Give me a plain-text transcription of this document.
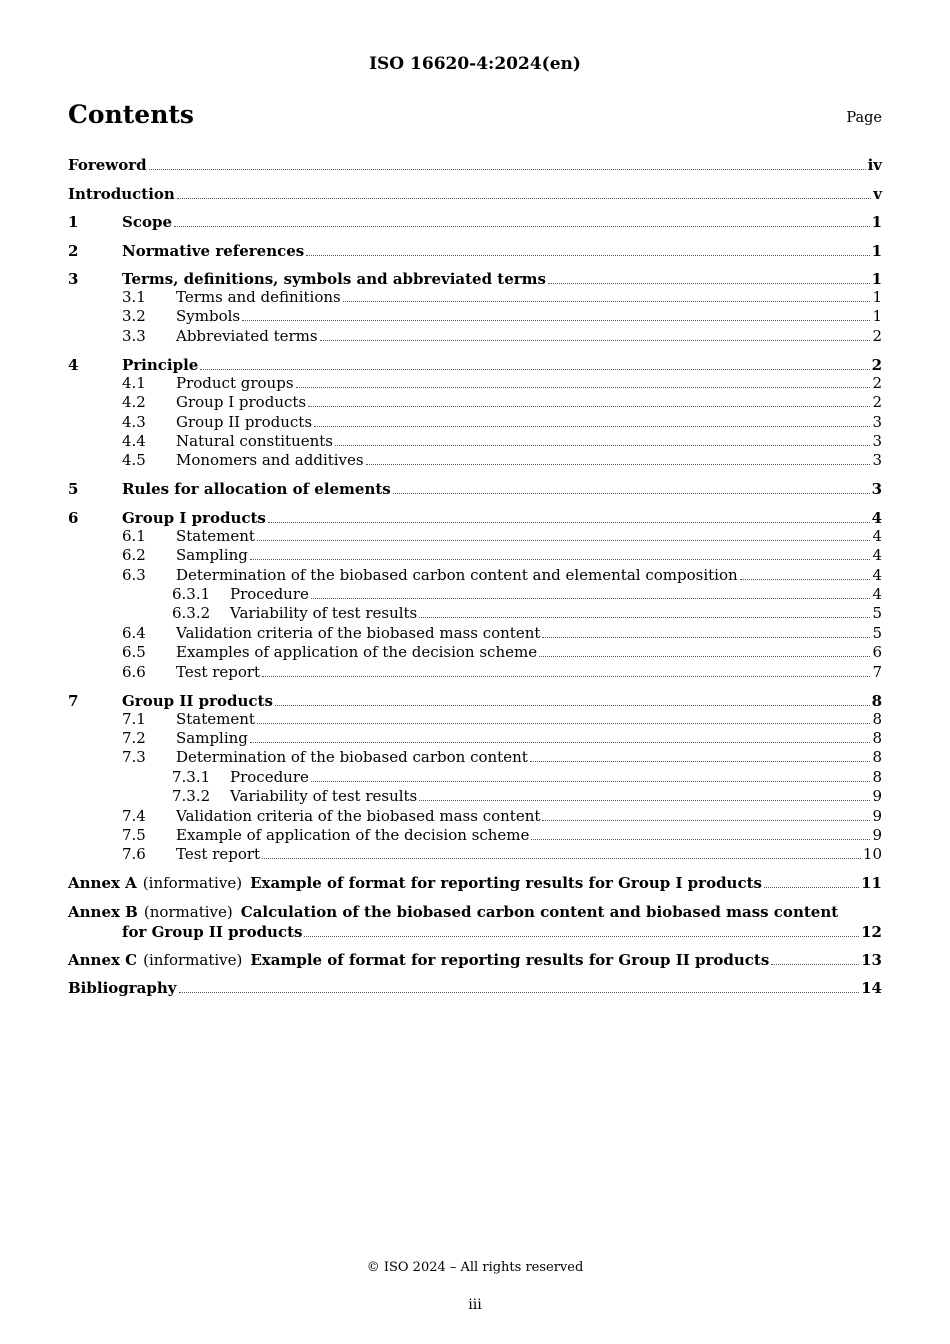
ISO 16620-4:2024(en)
Contents	Page
Foreword	iv
Introduction	v
1	Scope	1
2	Normative references	1
3	Terms, definitions, symbols and abbreviated terms	1
3.1	Terms and definitions	1
3.2	Symbols	1
3.3	Abbreviated terms	2
4	Principle	2
4.1	Product groups	2
4.2	Group I products	2
4.3	Group II products	3
4.4	Natural constituents	3
4.5	Monomers and additives	3
5	Rules for allocation of elements	3
6	Group I products	4
6.1	Statement	4
6.2	Sampling	4
6.3	Determination of the biobased carbon content and elemental composition	4
6.3.1	Procedure	4
6.3.2	Variability of test results	5
6.4	Validation criteria of the biobased mass content	5
6.5	Examples of application of the decision scheme	6
6.6	Test report	7
7	Group II products	8
7.1	Statement	8
7.2	Sampling	8
7.3	Determination of the biobased carbon content	8
7.3.1	Procedure	8
7.3.2	Variability of test results	9
7.4	Validation criteria of the biobased mass content	9
7.5	Example of application of the decision scheme	9
7.6	Test report	10
Annex A (informative) Example of format for reporting results for Group I products	11
Annex B (normative) Calculation of the biobased carbon content and biobased mass content
for Group II products	12
Annex C (informative) Example of format for reporting results for Group II products	13
Bibliography	14
© ISO 2024 – All rights reserved
iii
